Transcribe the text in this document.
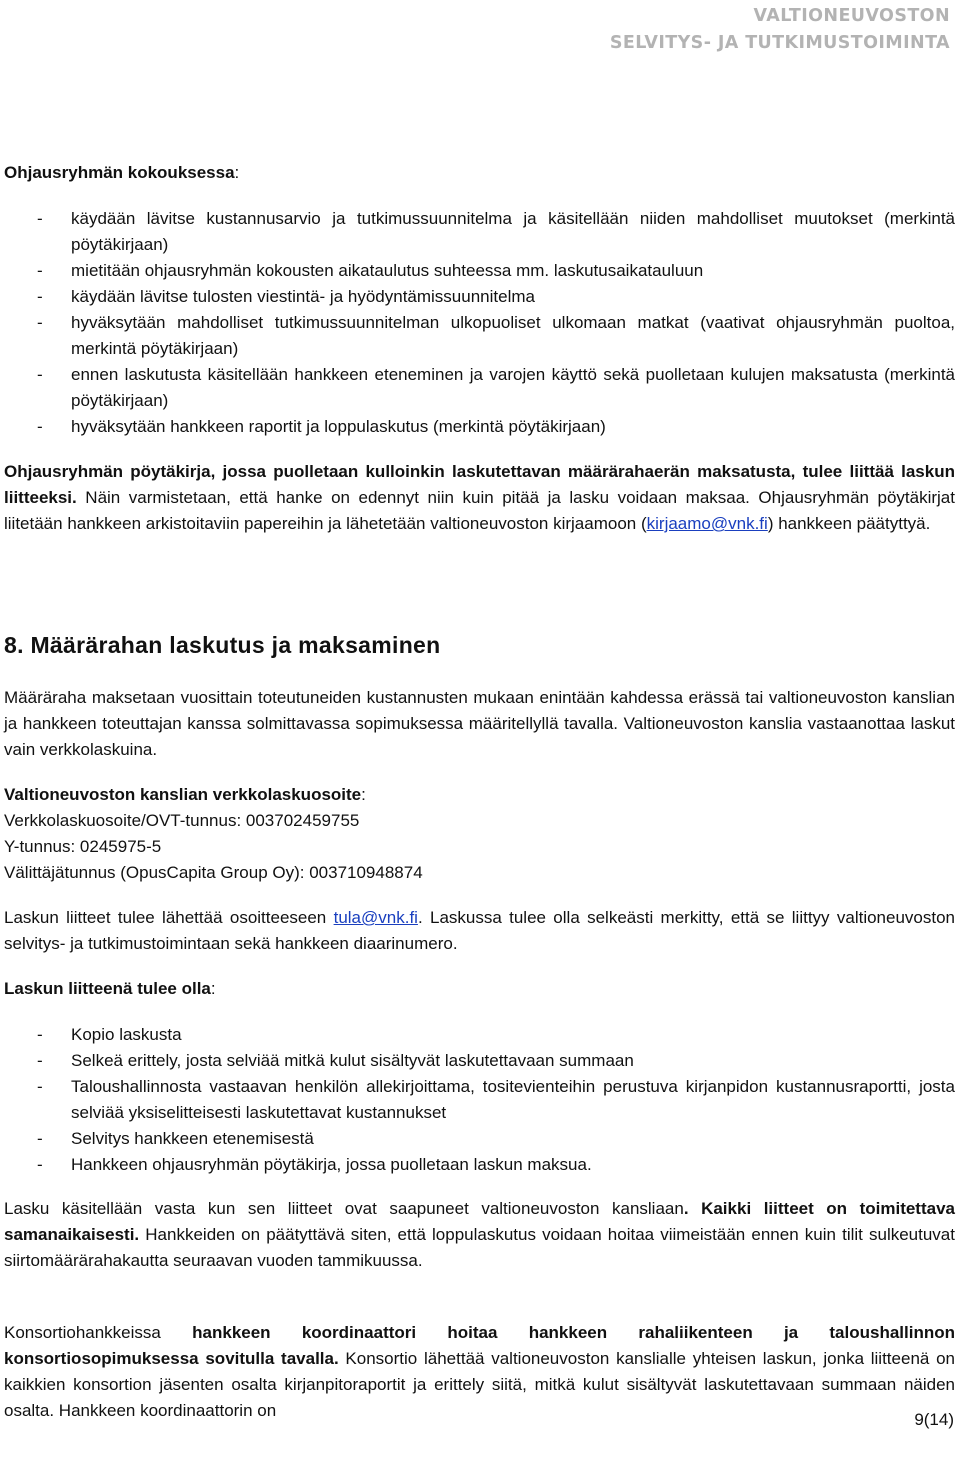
VALTIONEUVOSTON
SELVITYS- JA TUTKIMUSTOIMINTA
Ohjausryhmän kokouksessa:
- käydään lävitse kustannusarvio ja tutkimussuunnitelma ja käsitellään niiden mahdolliset muutokset (merkintä pöytäkirjaan)
- mietitään ohjausryhmän kokousten aikataulutus suhteessa mm. laskutusaikatauluun
- käydään lävitse tulosten viestintä- ja hyödyntämissuunnitelma
- hyväksytään mahdolliset tutkimussuunnitelman ulkopuoliset ulkomaan matkat (vaativat ohjausryhmän puoltoa, merkintä pöytäkirjaan)
- ennen laskutusta käsitellään hankkeen eteneminen ja varojen käyttö sekä puolletaan kulujen maksatusta (merkintä pöytäkirjaan)
- hyväksytään hankkeen raportit ja loppulaskutus (merkintä pöytäkirjaan)

Ohjausryhmän pöytäkirja, jossa puolletaan kulloinkin laskutettavan määrärahaerän maksatusta, tulee liittää laskun liitteeksi. Näin varmistetaan, että hanke on edennyt niin kuin pitää ja lasku voidaan maksaa. Ohjausryhmän pöytäkirjat liitetään hankkeen arkistoitaviin papereihin ja lähetetään valtioneuvoston kirjaamoon (kirjaamo@vnk.fi) hankkeen päätyttyä.

8. Määrärahan laskutus ja maksaminen

Määräraha maksetaan vuosittain toteutuneiden kustannusten mukaan enintään kahdessa erässä tai valtioneuvoston kanslian ja hankkeen toteuttajan kanssa solmittavassa sopimuksessa määritellyllä tavalla. Valtioneuvoston kanslia vastaanottaa laskut vain verkkolaskuina.

Valtioneuvoston kanslian verkkolaskuosoite:
Verkkolaskuosoite/OVT-tunnus: 003702459755
Y-tunnus: 0245975-5
Välittäjätunnus (OpusCapita Group Oy): 003710948874

Laskun liitteet tulee lähettää osoitteeseen tula@vnk.fi. Laskussa tulee olla selkeästi merkitty, että se liittyy valtioneuvoston selvitys- ja tutkimustoimintaan sekä hankkeen diaarinumero.

Laskun liitteenä tulee olla:
- Kopio laskusta
- Selkeä erittely, josta selviää mitkä kulut sisältyvät laskutettavaan summaan
- Taloushallinnosta vastaavan henkilön allekirjoittama, tositevienteihin perustuva kirjanpidon kustannusraportti, josta selviää yksiselitteisesti laskutettavat kustannukset
- Selvitys hankkeen etenemisestä
- Hankkeen ohjausryhmän pöytäkirja, jossa puolletaan laskun maksua.

Lasku käsitellään vasta kun sen liitteet ovat saapuneet valtioneuvoston kansliaan. Kaikki liitteet on toimitettava samanaikaisesti. Hankkeiden on päätyttävä siten, että loppulaskutus voidaan hoitaa viimeistään ennen kuin tilit sulkeutuvat siirtomäärärahakautta seuraavan vuoden tammikuussa.

Konsortiohankkeissa hankkeen koordinaattori hoitaa hankkeen rahaliikenteen ja taloushallinnon konsortiosopimuksessa sovitulla tavalla. Konsortio lähettää valtioneuvoston kanslialle yhteisen laskun, jonka liitteenä on kaikkien konsortion jäsenten osalta kirjanpitoraportit ja erittely siitä, mitkä kulut sisältyvät laskutettavaan summaan näiden osalta. Hankkeen koordinaattorin on	9(14)
